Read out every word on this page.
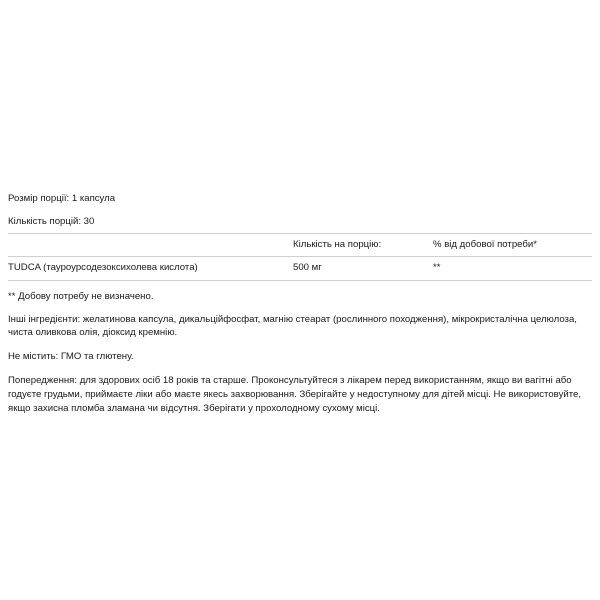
Розмір порції: 1 капсула

Кількість порцій: 30

	Кількість на порцію:	% від добової потреби*
TUDCA (тауроурсодезоксихолева кислота)	500 мг	**

** Добову потребу не визначено.

Інші інгредієнти: желатинова капсула, дикальційфосфат, магнію стеарат (рослинного походження), мікрокристалічна целюлоза, чиста оливкова олія, діоксид кремнію.

Не містить: ГМО та глютену.

Попередження: для здорових осіб 18 років та старше. Проконсультуйтеся з лікарем перед використанням, якщо ви вагітні або годуєте грудьми, приймаєте ліки або маєте якесь захворювання. Зберігайте у недоступному для дітей місці. Не використовуйте, якщо захисна пломба зламана чи відсутня. Зберігати у прохолодному сухому місці.
